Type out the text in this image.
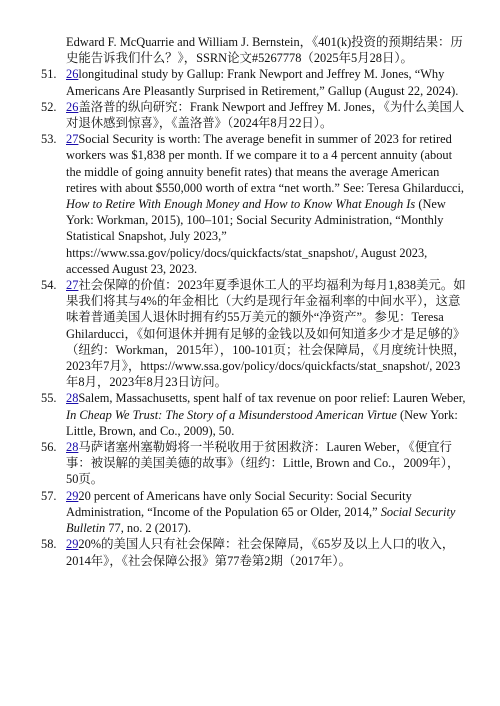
Edward F. McQuarrie and William J. Bernstein，《401(k)投资的预期结果：历史能告诉我们什么？》，SSRN论文#5267778（2025年5月28日）。

51. 26longitudinal study by Gallup: Frank Newport and Jeffrey M. Jones, “Why Americans Are Pleasantly Surprised in Retirement,” Gallup (August 22, 2024).
52. 26盖洛普的纵向研究：Frank Newport and Jeffrey M. Jones，《为什么美国人对退休感到惊喜》，《盖洛普》（2024年8月22日）。
53. 27Social Security is worth: The average benefit in summer of 2023 for retired workers was $1,838 per month. If we compare it to a 4 percent annuity (about the middle of going annuity benefit rates) that means the average American retires with about $550,000 worth of extra “net worth.” See: Teresa Ghilarducci, How to Retire With Enough Money and How to Know What Enough Is (New York: Workman, 2015), 100–101; Social Security Administration, “Monthly Statistical Snapshot, July 2023,” https://www.ssa.gov/policy/docs/quickfacts/stat_snapshot/, August 2023, accessed August 23, 2023.
54. 27社会保障的价值：2023年夏季退休工人的平均福利为每月1,838美元。如果我们将其与4%的年金相比（大约是现行年金福利率的中间水平），这意味着普通美国人退休时拥有约55万美元的额外“净资产”。参见：Teresa Ghilarducci，《如何退休并拥有足够的金钱以及如何知道多少才是足够的》（纽约：Workman，2015年），100-101页；社会保障局，《月度统计快照，2023年7月》，https://www.ssa.gov/policy/docs/quickfacts/stat_snapshot/, 2023年8月，2023年8月23日访问。
55. 28Salem, Massachusetts, spent half of tax revenue on poor relief: Lauren Weber, In Cheap We Trust: The Story of a Misunderstood American Virtue (New York: Little, Brown, and Co., 2009), 50.
56. 28马萨诸塞州塞勒姆将一半税收用于贫困救济：Lauren Weber，《便宜行事：被误解的美国美德的故事》（纽约：Little, Brown and Co.，2009年），50页。
57. 2920 percent of Americans have only Social Security: Social Security Administration, “Income of the Population 65 or Older, 2014,” Social Security Bulletin 77, no. 2 (2017).
58. 2920%的美国人只有社会保障：社会保障局，《65岁及以上人口的收入，2014年》，《社会保障公报》第77卷第2期（2017年）。
